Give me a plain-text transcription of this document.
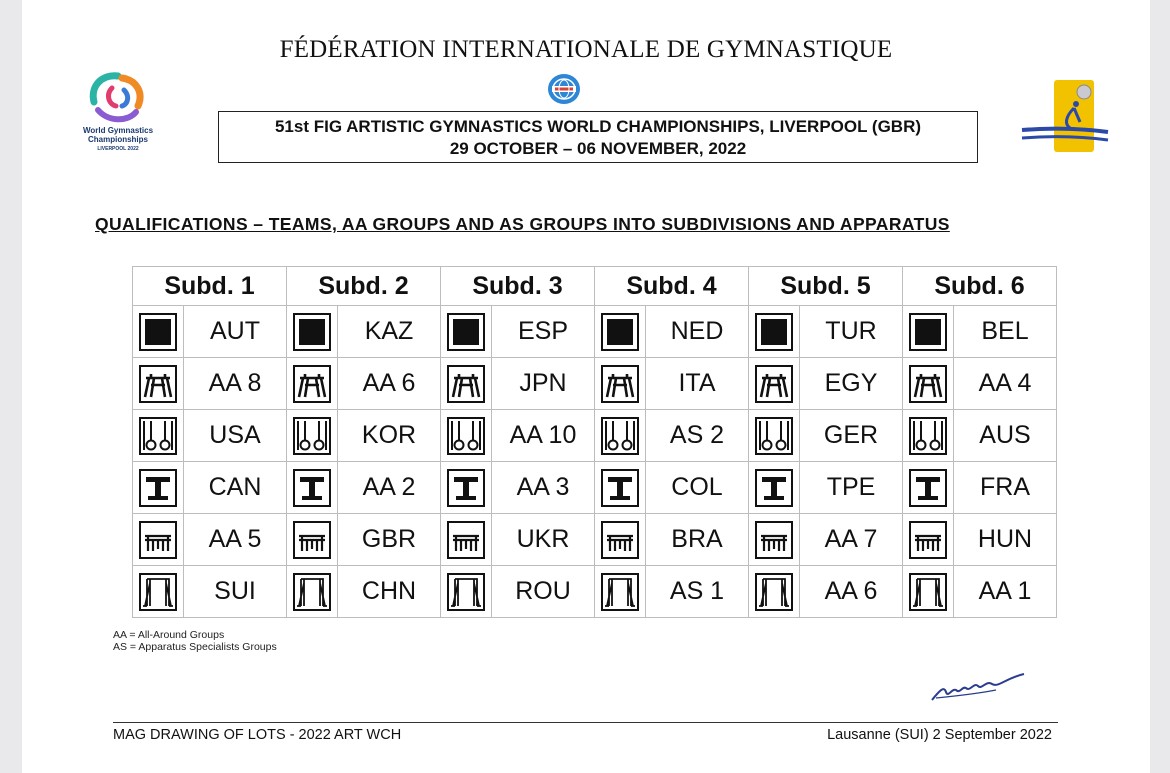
FÉDÉRATION INTERNATIONALE DE GYMNASTIQUE
World Gymnastics
Championships
LIVERPOOL 2022
51st FIG ARTISTIC GYMNASTICS WORLD CHAMPIONSHIPS, LIVERPOOL (GBR)
29 OCTOBER – 06 NOVEMBER, 2022
QUALIFICATIONS – TEAMS, AA GROUPS AND AS GROUPS INTO SUBDIVISIONS AND APPARATUS
Subd. 1		Subd. 2		Subd. 3		Subd. 4		Subd. 5		Subd. 6	

	AUT		KAZ		ESP		NED		TUR		BEL

	AA 8		AA 6		JPN		ITA		EGY		AA 4

	USA		KOR		AA 10		AS 2		GER		AUS

	CAN		AA 2		AA 3		COL		TPE		FRA

	AA 5		GBR		UKR		BRA		AA 7		HUN

	SUI		CHN		ROU		AS 1		AA 6		AA 1
AA = All-Around Groups
AS = Apparatus Specialists Groups
MAG DRAWING OF LOTS - 2022 ART WCH	Lausanne (SUI) 2 September 2022
